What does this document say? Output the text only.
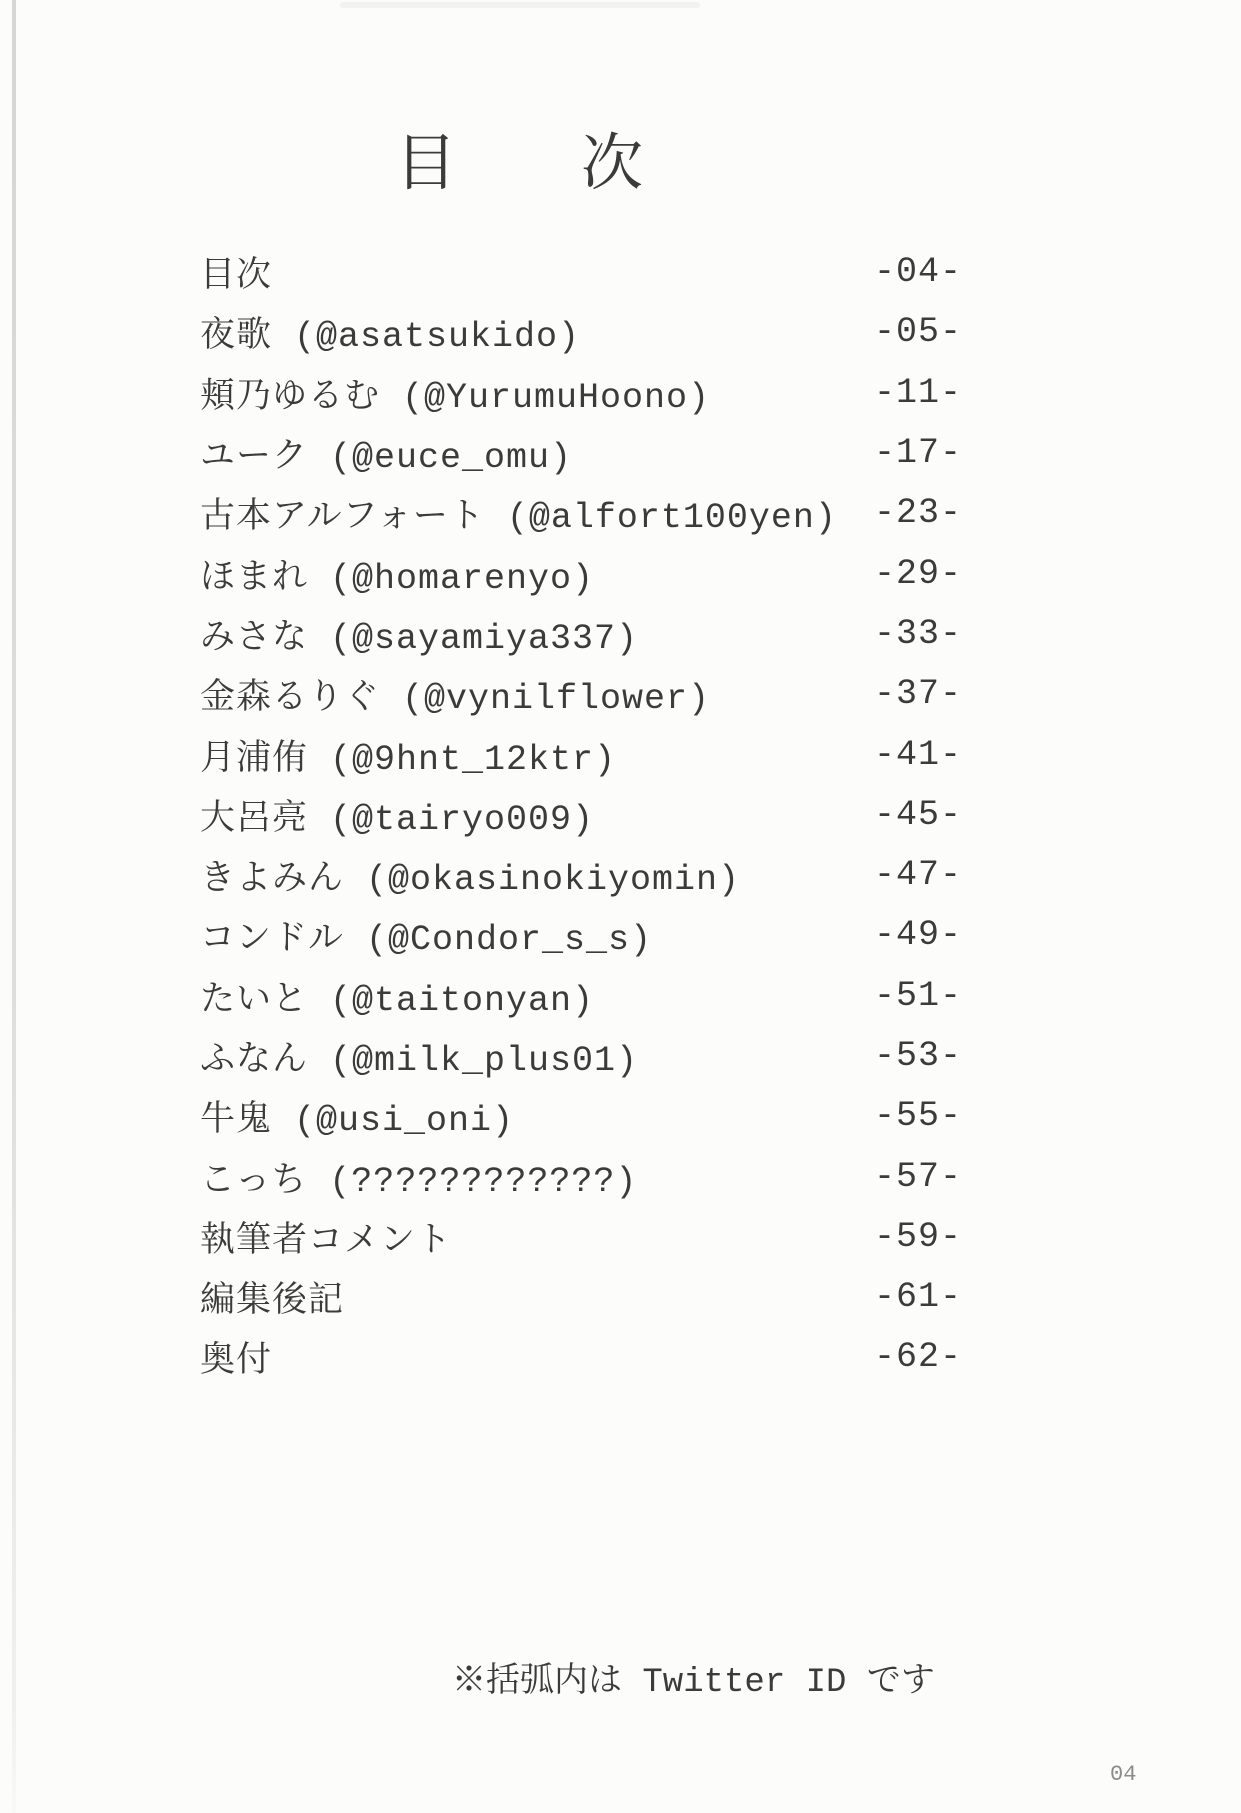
目　　次
目次	-04-
夜歌 (@asatsukido)	-05-
頬乃ゆるむ (@YurumuHoono)	-11-
ユーク (@euce_omu)	-17-
古本アルフォート (@alfort100yen) -23-
ほまれ (@homarenyo)	-29-
みさな (@sayamiya337)	-33-
金森るりぐ (@vynilflower)	-37-
月浦侑 (@9hnt_12ktr)	-41-
大呂亮 (@tairyo009)	-45-
きよみん (@okasinokiyomin)	-47-
コンドル (@Condor_s_s)	-49-
たいと (@taitonyan)	-51-
ふなん (@milk_plus01)	-53-
牛鬼 (@usi_oni)	-55-
こっち (????????????)	-57-
執筆者コメント	-59-
編集後記	-61-
奥付	-62-
※括弧内は Twitter ID です
04
